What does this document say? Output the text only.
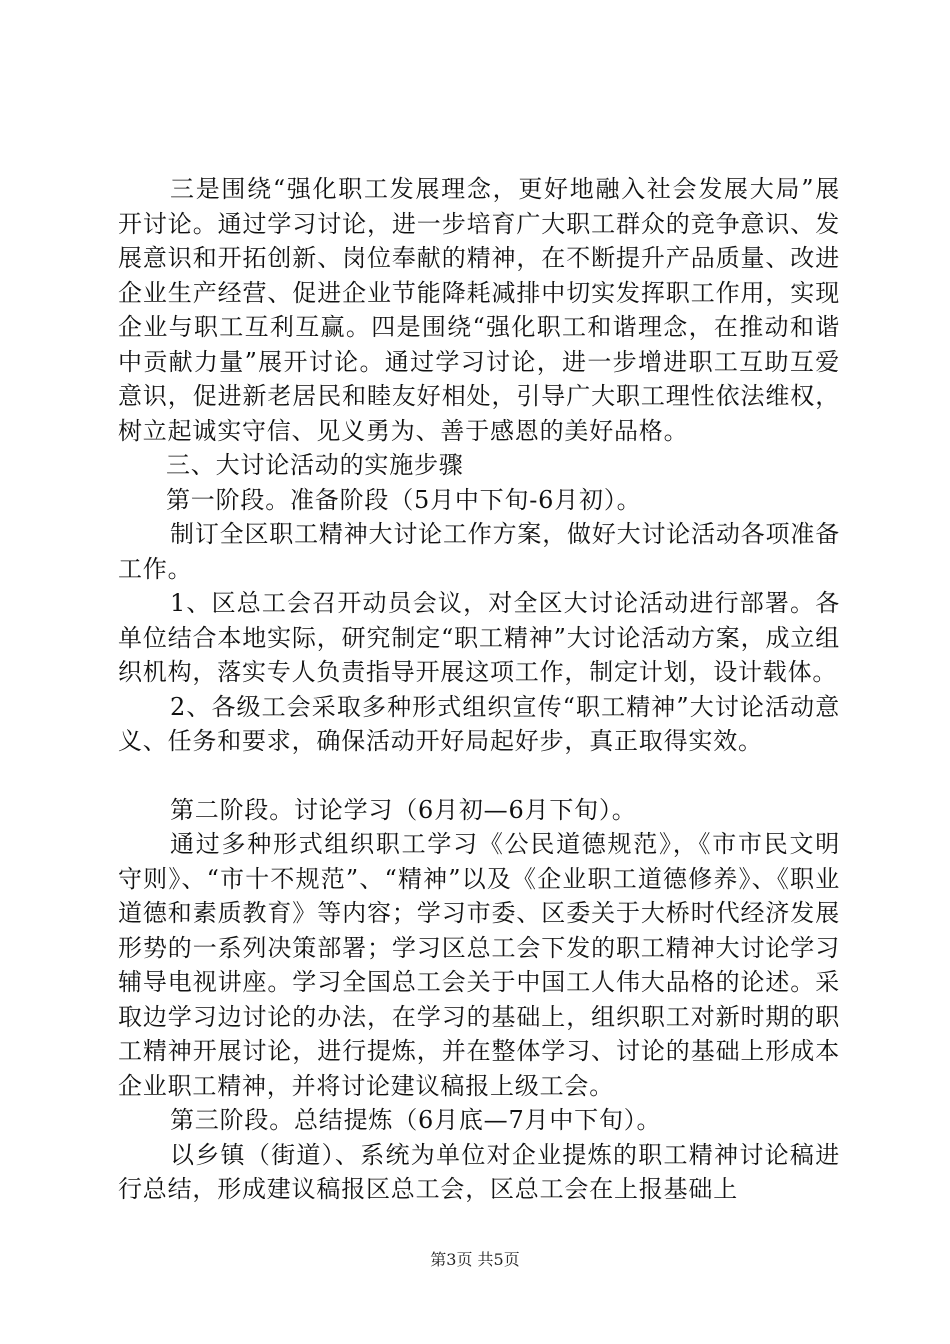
三是围绕“强化职工发展理念，更好地融入社会发展大局”展开讨论。通过学习讨论，进一步培育广大职工群众的竞争意识、发展意识和开拓创新、岗位奉献的精神，在不断提升产品质量、改进企业生产经营、促进企业节能降耗减排中切实发挥职工作用，实现企业与职工互利互赢。四是围绕“强化职工和谐理念，在推动和谐中贡献力量”展开讨论。通过学习讨论，进一步增进职工互助互爱意识，促进新老居民和睦友好相处，引导广大职工理性依法维权，树立起诚实守信、见义勇为、善于感恩的美好品格。

三、大讨论活动的实施步骤

第一阶段。准备阶段（5月中下旬-6月初）。

制订全区职工精神大讨论工作方案，做好大讨论活动各项准备工作。

1、区总工会召开动员会议，对全区大讨论活动进行部署。各单位结合本地实际，研究制定“职工精神”大讨论活动方案，成立组织机构，落实专人负责指导开展这项工作，制定计划，设计载体。

2、各级工会采取多种形式组织宣传“职工精神”大讨论活动意义、任务和要求，确保活动开好局起好步，真正取得实效。

第二阶段。讨论学习（6月初—6月下旬）。

通过多种形式组织职工学习《公民道德规范》，《市市民文明守则》、“市十不规范”、“精神”以及《企业职工道德修养》、《职业道德和素质教育》等内容；学习市委、区委关于大桥时代经济发展形势的一系列决策部署；学习区总工会下发的职工精神大讨论学习辅导电视讲座。学习全国总工会关于中国工人伟大品格的论述。采取边学习边讨论的办法，在学习的基础上，组织职工对新时期的职工精神开展讨论，进行提炼，并在整体学习、讨论的基础上形成本企业职工精神，并将讨论建议稿报上级工会。

第三阶段。总结提炼（6月底—7月中下旬）。

以乡镇（街道）、系统为单位对企业提炼的职工精神讨论稿进行总结，形成建议稿报区总工会，区总工会在上报基础上

第3页 共5页
